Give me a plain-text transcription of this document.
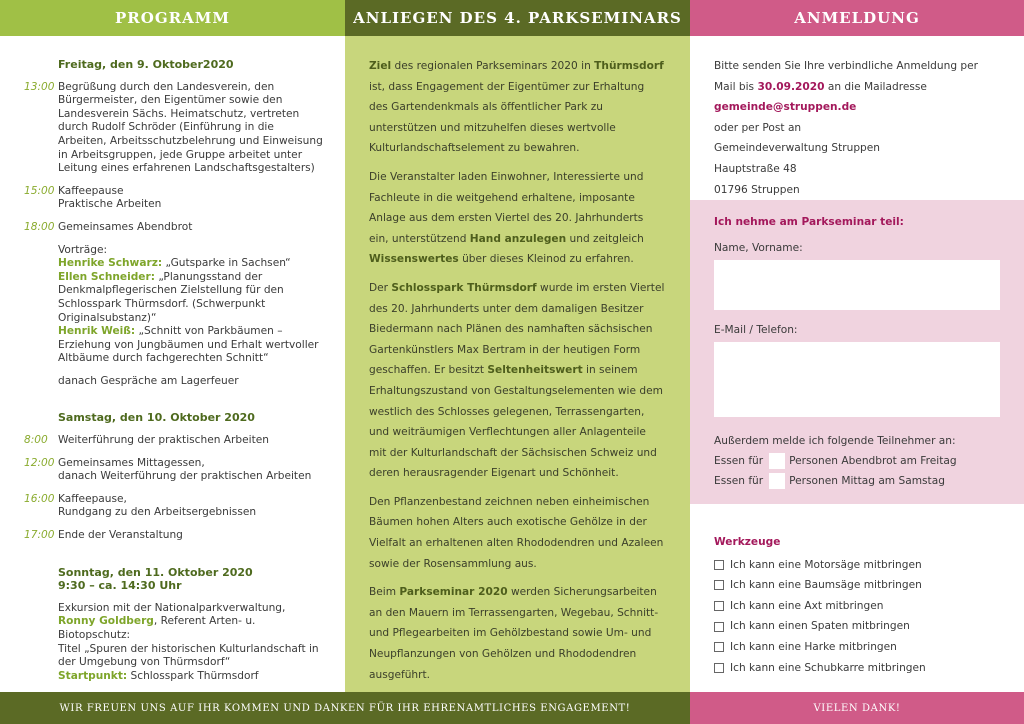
PROGRAMM
Freitag, den 9. Oktober2020
13:00 Begrüßung durch den Landesverein, den Bürgermeister, den Eigentümer sowie den Landesverein Sächs. Heimatschutz, vertreten durch Rudolf Schröder (Einführung in die Arbeiten, Arbeitsschutzbelehrung und Einweisung in Arbeitsgruppen, jede Gruppe arbeitet unter Leitung eines erfahrenen Landschaftsgestalters)
15:00 Kaffeepause
Praktische Arbeiten
18:00 Gemeinsames Abendbrot
Vorträge:
Henrike Schwarz: „Gutsparke in Sachsen“
Ellen Schneider: „Planungsstand der Denkmalpflegerischen Zielstellung für den Schlosspark Thürmsdorf. (Schwerpunkt Originalsubstanz)“
Henrik Weiß: „Schnitt von Parkbäumen – Erziehung von Jungbäumen und Erhalt wertvoller Altbäume durch fachgerechten Schnitt“
danach Gespräche am Lagerfeuer
Samstag, den 10. Oktober 2020
8:00 Weiterführung der praktischen Arbeiten
12:00 Gemeinsames Mittagessen,
danach Weiterführung der praktischen Arbeiten
16:00 Kaffeepause,
Rundgang zu den Arbeitsergebnissen
17:00 Ende der Veranstaltung
Sonntag, den 11. Oktober 2020
9:30 – ca. 14:30 Uhr
Exkursion mit der Nationalparkverwaltung,
Ronny Goldberg, Referent Arten- u. Biotopschutz:
Titel „Spuren der historischen Kulturlandschaft in der Umgebung von Thürmsdorf“
Startpunkt: Schlosspark Thürmsdorf
ANLIEGEN DES 4. PARKSEMINARS

Ziel des regionalen Parkseminars 2020 in Thürmsdorf ist, dass Engagement der Eigentümer zur Erhaltung des Gartendenkmals als öffentlicher Park zu unterstützen und mitzuhelfen dieses wertvolle Kulturlandschaftselement zu bewahren.

Die Veranstalter laden Einwohner, Interessierte und Fachleute in die weitgehend erhaltene, imposante Anlage aus dem ersten Viertel des 20. Jahrhunderts ein, unterstützend Hand anzulegen und zeitgleich Wissenswertes über dieses Kleinod zu erfahren.

Der Schlosspark Thürmsdorf wurde im ersten Viertel des 20. Jahrhunderts unter dem damaligen Besitzer Biedermann nach Plänen des namhaften sächsischen Gartenkünstlers Max Bertram in der heutigen Form geschaffen. Er besitzt Seltenheitswert in seinem Erhaltungszustand von Gestaltungselementen wie dem westlich des Schlosses gelegenen, Terrassengarten, und weiträumigen Verflechtungen aller Anlagenteile mit der Kulturlandschaft der Sächsischen Schweiz und deren herausragender Eigenart und Schönheit.

Den Pflanzenbestand zeichnen neben einheimischen Bäumen hohen Alters auch exotische Gehölze in der Vielfalt an erhaltenen alten Rhododendren und Azaleen sowie der Rosensammlung aus.

Beim Parkseminar 2020 werden Sicherungsarbeiten an den Mauern im Terrassengarten, Wegebau, Schnitt- und Pflegearbeiten im Gehölzbestand sowie Um- und Neupflanzungen von Gehölzen und Rhododendren ausgeführt.

ANMELDUNG

Bitte senden Sie Ihre verbindliche Anmeldung per Mail bis 30.09.2020 an die Mailadresse gemeinde@struppen.de

oder per Post an

Gemeindeverwaltung Struppen

Hauptstraße 48

01796 Struppen

Ich nehme am Parkseminar teil:
Name, Vorname:
E-Mail / Telefon:
Außerdem melde ich folgende Teilnehmer an:
Essen für Personen Abendbrot am Freitag
Essen für Personen Mittag am Samstag
Werkzeuge
Ich kann eine Motorsäge mitbringen
Ich kann eine Baumsäge mitbringen
Ich kann eine Axt mitbringen
Ich kann einen Spaten mitbringen
Ich kann eine Harke mitbringen
Ich kann eine Schubkarre mitbringen
WIR FREUEN UNS AUF IHR KOMMEN UND DANKEN FÜR IHR EHRENAMTLICHES ENGAGEMENT!	VIELEN DANK!
